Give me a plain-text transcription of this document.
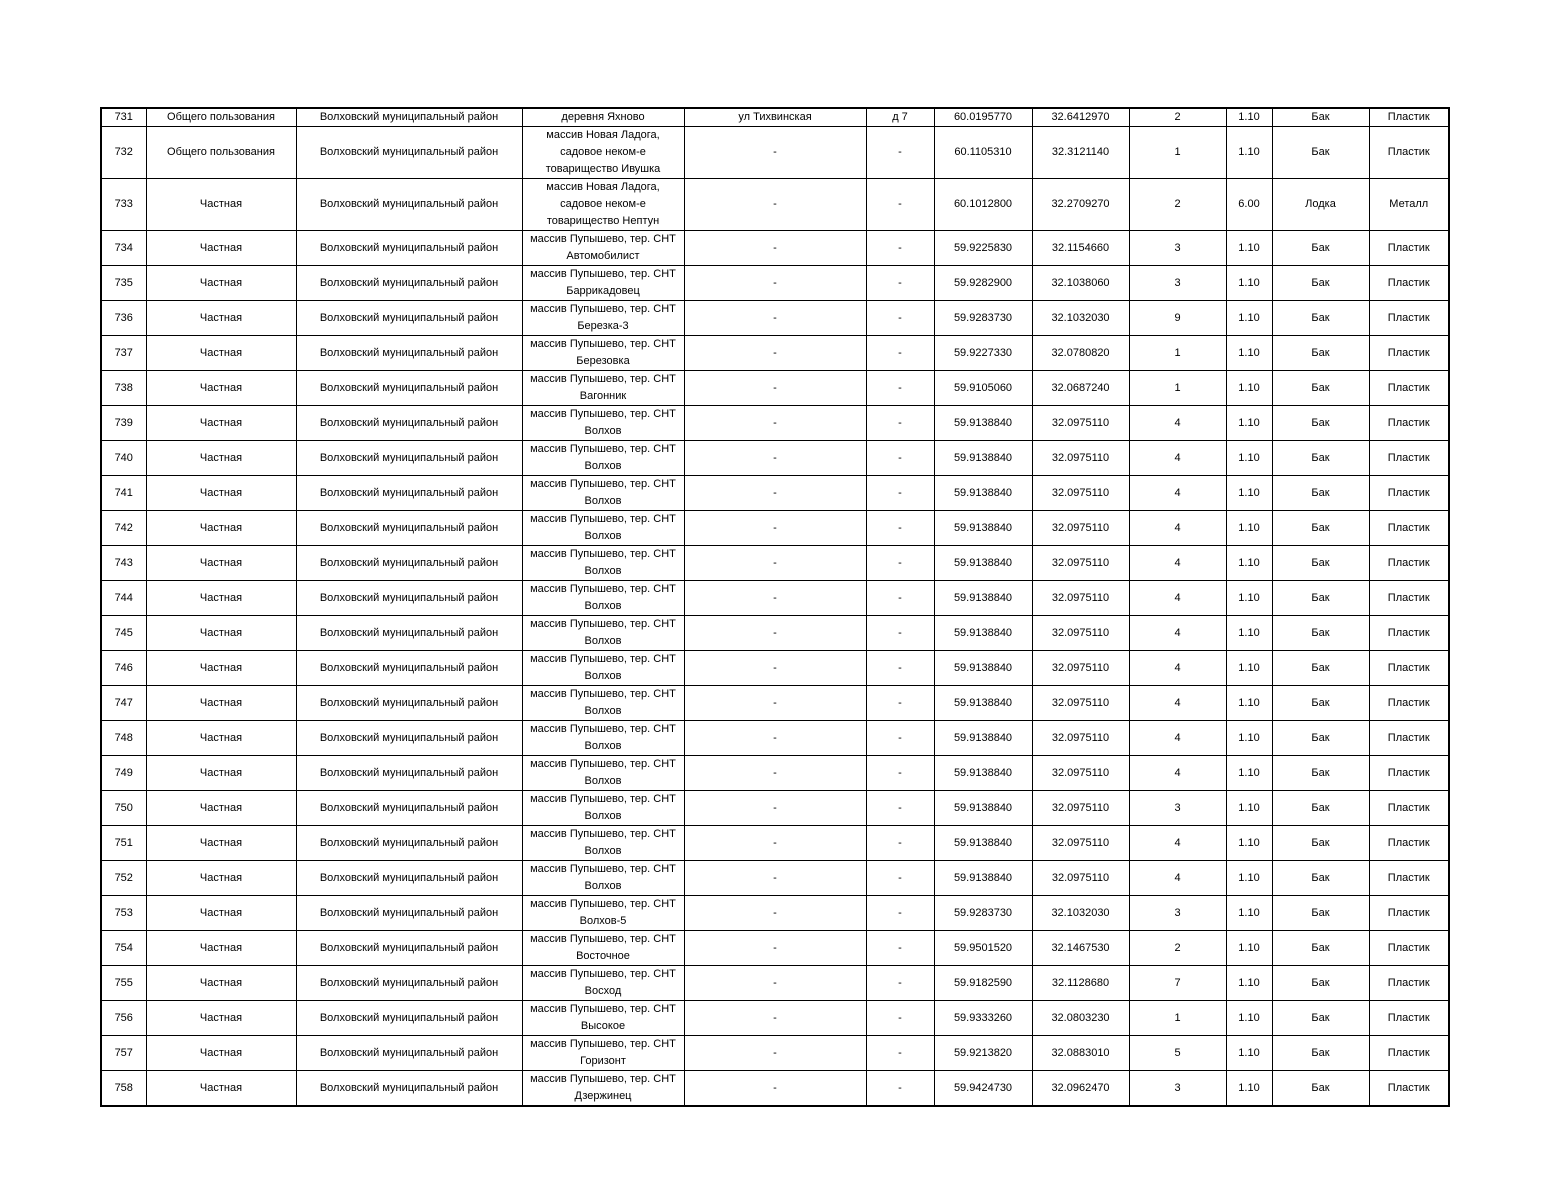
731	Общего пользования	Волховский муниципальный район	деревня Яхново	ул Тихвинская	д 7	60.0195770	32.6412970	2	1.10	Бак	Пластик
732	Общего пользования	Волховский муниципальный район	массив Новая Ладога, садовое неком-е товарищество Ивушка	-	-	60.1105310	32.3121140	1	1.10	Бак	Пластик
733	Частная	Волховский муниципальный район	массив Новая Ладога, садовое неком-е товарищество Нептун	-	-	60.1012800	32.2709270	2	6.00	Лодка	Металл
734	Частная	Волховский муниципальный район	массив Пупышево, тер. СНТ Автомобилист	-	-	59.9225830	32.1154660	3	1.10	Бак	Пластик
735	Частная	Волховский муниципальный район	массив Пупышево, тер. СНТ Баррикадовец	-	-	59.9282900	32.1038060	3	1.10	Бак	Пластик
736	Частная	Волховский муниципальный район	массив Пупышево, тер. СНТ Березка-3	-	-	59.9283730	32.1032030	9	1.10	Бак	Пластик
737	Частная	Волховский муниципальный район	массив Пупышево, тер. СНТ Березовка	-	-	59.9227330	32.0780820	1	1.10	Бак	Пластик
738	Частная	Волховский муниципальный район	массив Пупышево, тер. СНТ Вагонник	-	-	59.9105060	32.0687240	1	1.10	Бак	Пластик
739	Частная	Волховский муниципальный район	массив Пупышево, тер. СНТ Волхов	-	-	59.9138840	32.0975110	4	1.10	Бак	Пластик
740	Частная	Волховский муниципальный район	массив Пупышево, тер. СНТ Волхов	-	-	59.9138840	32.0975110	4	1.10	Бак	Пластик
741	Частная	Волховский муниципальный район	массив Пупышево, тер. СНТ Волхов	-	-	59.9138840	32.0975110	4	1.10	Бак	Пластик
742	Частная	Волховский муниципальный район	массив Пупышево, тер. СНТ Волхов	-	-	59.9138840	32.0975110	4	1.10	Бак	Пластик
743	Частная	Волховский муниципальный район	массив Пупышево, тер. СНТ Волхов	-	-	59.9138840	32.0975110	4	1.10	Бак	Пластик
744	Частная	Волховский муниципальный район	массив Пупышево, тер. СНТ Волхов	-	-	59.9138840	32.0975110	4	1.10	Бак	Пластик
745	Частная	Волховский муниципальный район	массив Пупышево, тер. СНТ Волхов	-	-	59.9138840	32.0975110	4	1.10	Бак	Пластик
746	Частная	Волховский муниципальный район	массив Пупышево, тер. СНТ Волхов	-	-	59.9138840	32.0975110	4	1.10	Бак	Пластик
747	Частная	Волховский муниципальный район	массив Пупышево, тер. СНТ Волхов	-	-	59.9138840	32.0975110	4	1.10	Бак	Пластик
748	Частная	Волховский муниципальный район	массив Пупышево, тер. СНТ Волхов	-	-	59.9138840	32.0975110	4	1.10	Бак	Пластик
749	Частная	Волховский муниципальный район	массив Пупышево, тер. СНТ Волхов	-	-	59.9138840	32.0975110	4	1.10	Бак	Пластик
750	Частная	Волховский муниципальный район	массив Пупышево, тер. СНТ Волхов	-	-	59.9138840	32.0975110	3	1.10	Бак	Пластик
751	Частная	Волховский муниципальный район	массив Пупышево, тер. СНТ Волхов	-	-	59.9138840	32.0975110	4	1.10	Бак	Пластик
752	Частная	Волховский муниципальный район	массив Пупышево, тер. СНТ Волхов	-	-	59.9138840	32.0975110	4	1.10	Бак	Пластик
753	Частная	Волховский муниципальный район	массив Пупышево, тер. СНТ Волхов-5	-	-	59.9283730	32.1032030	3	1.10	Бак	Пластик
754	Частная	Волховский муниципальный район	массив Пупышево, тер. СНТ Восточное	-	-	59.9501520	32.1467530	2	1.10	Бак	Пластик
755	Частная	Волховский муниципальный район	массив Пупышево, тер. СНТ Восход	-	-	59.9182590	32.1128680	7	1.10	Бак	Пластик
756	Частная	Волховский муниципальный район	массив Пупышево, тер. СНТ Высокое	-	-	59.9333260	32.0803230	1	1.10	Бак	Пластик
757	Частная	Волховский муниципальный район	массив Пупышево, тер. СНТ Горизонт	-	-	59.9213820	32.0883010	5	1.10	Бак	Пластик
758	Частная	Волховский муниципальный район	массив Пупышево, тер. СНТ Дзержинец	-	-	59.9424730	32.0962470	3	1.10	Бак	Пластик
